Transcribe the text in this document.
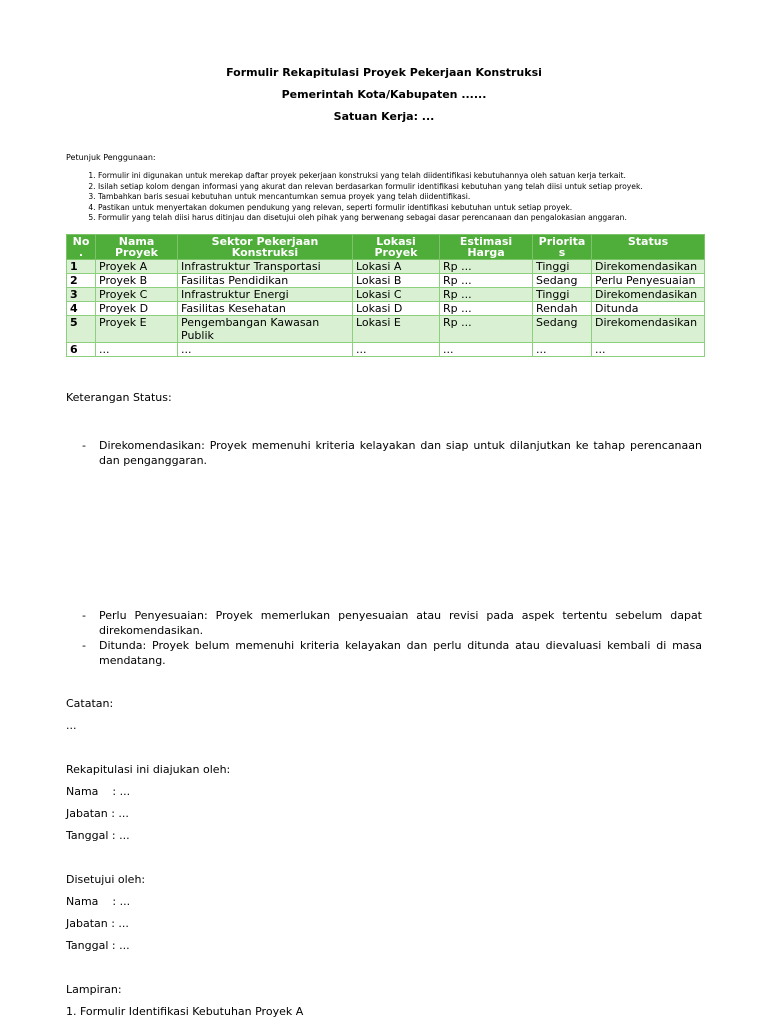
Formulir Rekapitulasi Proyek Pekerjaan Konstruksi
Pemerintah Kota/Kabupaten ......
Satuan Kerja: ...
Petunjuk Penggunaan:
1. Formulir ini digunakan untuk merekap daftar proyek pekerjaan konstruksi yang telah diidentifikasi kebutuhannya oleh satuan kerja terkait.
2. Isilah setiap kolom dengan informasi yang akurat dan relevan berdasarkan formulir identifikasi kebutuhan yang telah diisi untuk setiap proyek.
3. Tambahkan baris sesuai kebutuhan untuk mencantumkan semua proyek yang telah diidentifikasi.
4. Pastikan untuk menyertakan dokumen pendukung yang relevan, seperti formulir identifikasi kebutuhan untuk setiap proyek.
5. Formulir yang telah diisi harus ditinjau dan disetujui oleh pihak yang berwenang sebagai dasar perencanaan dan pengalokasian anggaran.
No .	Nama Proyek	Sektor Pekerjaan Konstruksi	Lokasi Proyek	Estimasi Harga	Priorita s	Status
1	Proyek A	Infrastruktur Transportasi	Lokasi A	Rp ...	Tinggi	Direkomendasikan
2	Proyek B	Fasilitas Pendidikan	Lokasi B	Rp ...	Sedang	Perlu Penyesuaian
3	Proyek C	Infrastruktur Energi	Lokasi C	Rp ...	Tinggi	Direkomendasikan
4	Proyek D	Fasilitas Kesehatan	Lokasi D	Rp ...	Rendah	Ditunda
5	Proyek E	Pengembangan Kawasan Publik	Lokasi E	Rp ...	Sedang	Direkomendasikan
6	...	...	...	...	...	...
Keterangan Status:
- Direkomendasikan: Proyek memenuhi kriteria kelayakan dan siap untuk dilanjutkan ke tahap perencanaan dan penganggaran.
- Perlu Penyesuaian: Proyek memerlukan penyesuaian atau revisi pada aspek tertentu sebelum dapat direkomendasikan.
- Ditunda: Proyek belum memenuhi kriteria kelayakan dan perlu ditunda atau dievaluasi kembali di masa mendatang.
Catatan:
...
Rekapitulasi ini diajukan oleh:
Nama    : ...
Jabatan : ...
Tanggal : ...
Disetujui oleh:
Nama    : ...
Jabatan : ...
Tanggal : ...
Lampiran:
1. Formulir Identifikasi Kebutuhan Proyek A
